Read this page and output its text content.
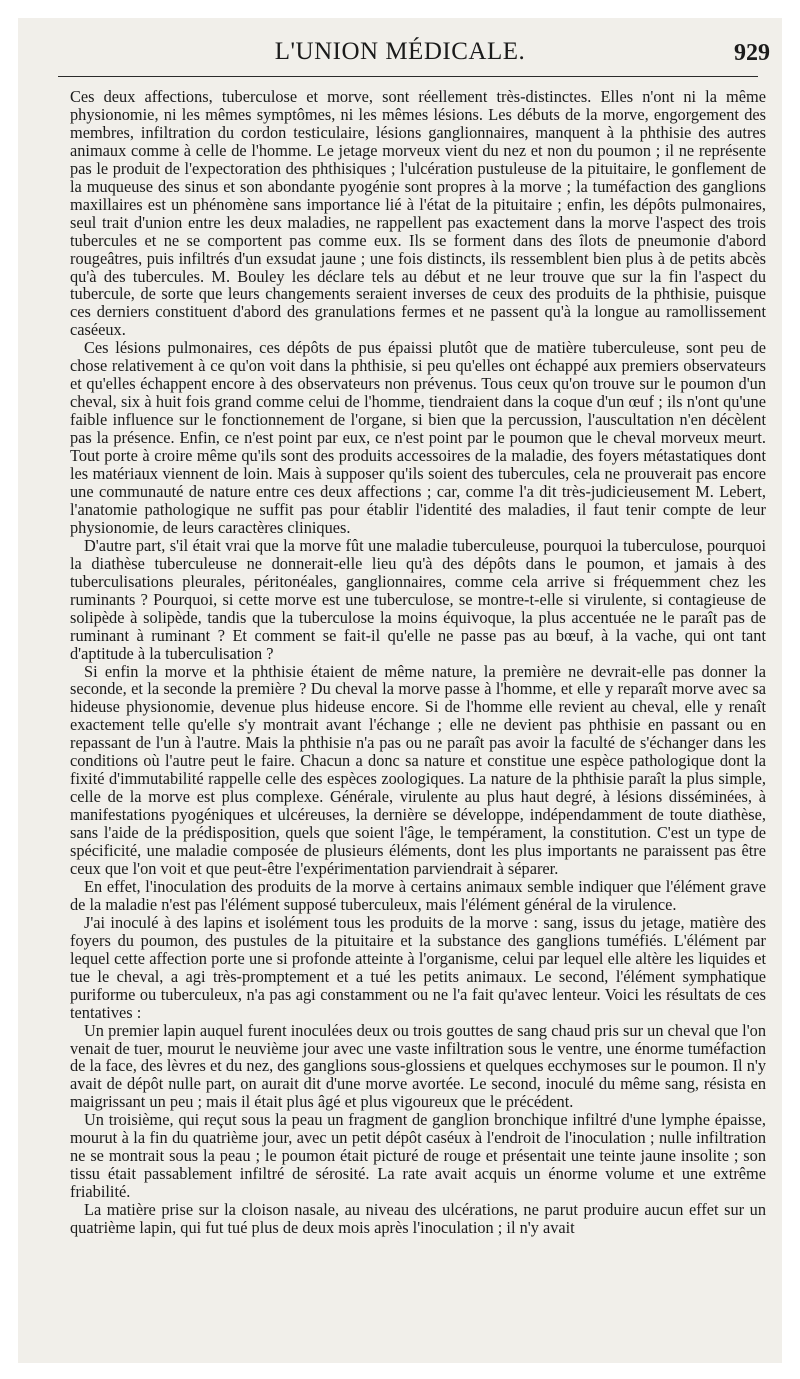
L'UNION MÉDICALE.	929

Ces deux affections, tuberculose et morve, sont réellement très-distinctes. Elles n'ont ni la même physionomie, ni les mêmes symptômes, ni les mêmes lésions. Les débuts de la morve, engorgement des membres, infiltration du cordon testiculaire, lésions ganglionnaires, manquent à la phthisie des autres animaux comme à celle de l'homme. Le jetage morveux vient du nez et non du poumon ; il ne représente pas le produit de l'expectoration des phthisiques ; l'ulcération pustuleuse de la pituitaire, le gonflement de la muqueuse des sinus et son abondante pyogénie sont propres à la morve ; la tuméfaction des ganglions maxillaires est un phénomène sans importance lié à l'état de la pituitaire ; enfin, les dépôts pulmonaires, seul trait d'union entre les deux maladies, ne rappellent pas exactement dans la morve l'aspect des trois tubercules et ne se comportent pas comme eux. Ils se forment dans des îlots de pneumonie d'abord rougeâtres, puis infiltrés d'un exsudat jaune ; une fois distincts, ils ressemblent bien plus à de petits abcès qu'à des tubercules. M. Bouley les déclare tels au début et ne leur trouve que sur la fin l'aspect du tubercule, de sorte que leurs changements seraient inverses de ceux des produits de la phthisie, puisque ces derniers constituent d'abord des granulations fermes et ne passent qu'à la longue au ramollissement caséeux.

Ces lésions pulmonaires, ces dépôts de pus épaissi plutôt que de matière tuberculeuse, sont peu de chose relativement à ce qu'on voit dans la phthisie, si peu qu'elles ont échappé aux premiers observateurs et qu'elles échappent encore à des observateurs non prévenus. Tous ceux qu'on trouve sur le poumon d'un cheval, six à huit fois grand comme celui de l'homme, tiendraient dans la coque d'un œuf ; ils n'ont qu'une faible influence sur le fonctionnement de l'organe, si bien que la percussion, l'auscultation n'en décèlent pas la présence. Enfin, ce n'est point par eux, ce n'est point par le poumon que le cheval morveux meurt. Tout porte à croire même qu'ils sont des produits accessoires de la maladie, des foyers métastatiques dont les matériaux viennent de loin. Mais à supposer qu'ils soient des tubercules, cela ne prouverait pas encore une communauté de nature entre ces deux affections ; car, comme l'a dit très-judicieusement M. Lebert, l'anatomie pathologique ne suffit pas pour établir l'identité des maladies, il faut tenir compte de leur physionomie, de leurs caractères cliniques.

D'autre part, s'il était vrai que la morve fût une maladie tuberculeuse, pourquoi la tuberculose, pourquoi la diathèse tuberculeuse ne donnerait-elle lieu qu'à des dépôts dans le poumon, et jamais à des tuberculisations pleurales, péritonéales, ganglionnaires, comme cela arrive si fréquemment chez les ruminants ? Pourquoi, si cette morve est une tuberculose, se montre-t-elle si virulente, si contagieuse de solipède à solipède, tandis que la tuberculose la moins équivoque, la plus accentuée ne le paraît pas de ruminant à ruminant ? Et comment se fait-il qu'elle ne passe pas au bœuf, à la vache, qui ont tant d'aptitude à la tuberculisation ?

Si enfin la morve et la phthisie étaient de même nature, la première ne devrait-elle pas donner la seconde, et la seconde la première ? Du cheval la morve passe à l'homme, et elle y reparaît morve avec sa hideuse physionomie, devenue plus hideuse encore. Si de l'homme elle revient au cheval, elle y renaît exactement telle qu'elle s'y montrait avant l'échange ; elle ne devient pas phthisie en passant ou en repassant de l'un à l'autre. Mais la phthisie n'a pas ou ne paraît pas avoir la faculté de s'échanger dans les conditions où l'autre peut le faire. Chacun a donc sa nature et constitue une espèce pathologique dont la fixité d'immutabilité rappelle celle des espèces zoologiques. La nature de la phthisie paraît la plus simple, celle de la morve est plus complexe. Générale, virulente au plus haut degré, à lésions disséminées, à manifestations pyogéniques et ulcéreuses, la dernière se développe, indépendamment de toute diathèse, sans l'aide de la prédisposition, quels que soient l'âge, le tempérament, la constitution. C'est un type de spécificité, une maladie composée de plusieurs éléments, dont les plus importants ne paraissent pas être ceux que l'on voit et que peut-être l'expérimentation parviendrait à séparer.

En effet, l'inoculation des produits de la morve à certains animaux semble indiquer que l'élément grave de la maladie n'est pas l'élément supposé tuberculeux, mais l'élément général de la virulence.

J'ai inoculé à des lapins et isolément tous les produits de la morve : sang, issus du jetage, matière des foyers du poumon, des pustules de la pituitaire et la substance des ganglions tuméfiés. L'élément par lequel cette affection porte une si profonde atteinte à l'organisme, celui par lequel elle altère les liquides et tue le cheval, a agi très-promptement et a tué les petits animaux. Le second, l'élément symphatique puriforme ou tuberculeux, n'a pas agi constamment ou ne l'a fait qu'avec lenteur. Voici les résultats de ces tentatives :

Un premier lapin auquel furent inoculées deux ou trois gouttes de sang chaud pris sur un cheval que l'on venait de tuer, mourut le neuvième jour avec une vaste infiltration sous le ventre, une énorme tuméfaction de la face, des lèvres et du nez, des ganglions sous-glossiens et quelques ecchymoses sur le poumon. Il n'y avait de dépôt nulle part, on aurait dit d'une morve avortée. Le second, inoculé du même sang, résista en maigrissant un peu ; mais il était plus âgé et plus vigoureux que le précédent.

Un troisième, qui reçut sous la peau un fragment de ganglion bronchique infiltré d'une lymphe épaisse, mourut à la fin du quatrième jour, avec un petit dépôt caséux à l'endroit de l'inoculation ; nulle infiltration ne se montrait sous la peau ; le poumon était picturé de rouge et présentait une teinte jaune insolite ; son tissu était passablement infiltré de sérosité. La rate avait acquis un énorme volume et une extrême friabilité.

La matière prise sur la cloison nasale, au niveau des ulcérations, ne parut produire aucun effet sur un quatrième lapin, qui fut tué plus de deux mois après l'inoculation ; il n'y avait
